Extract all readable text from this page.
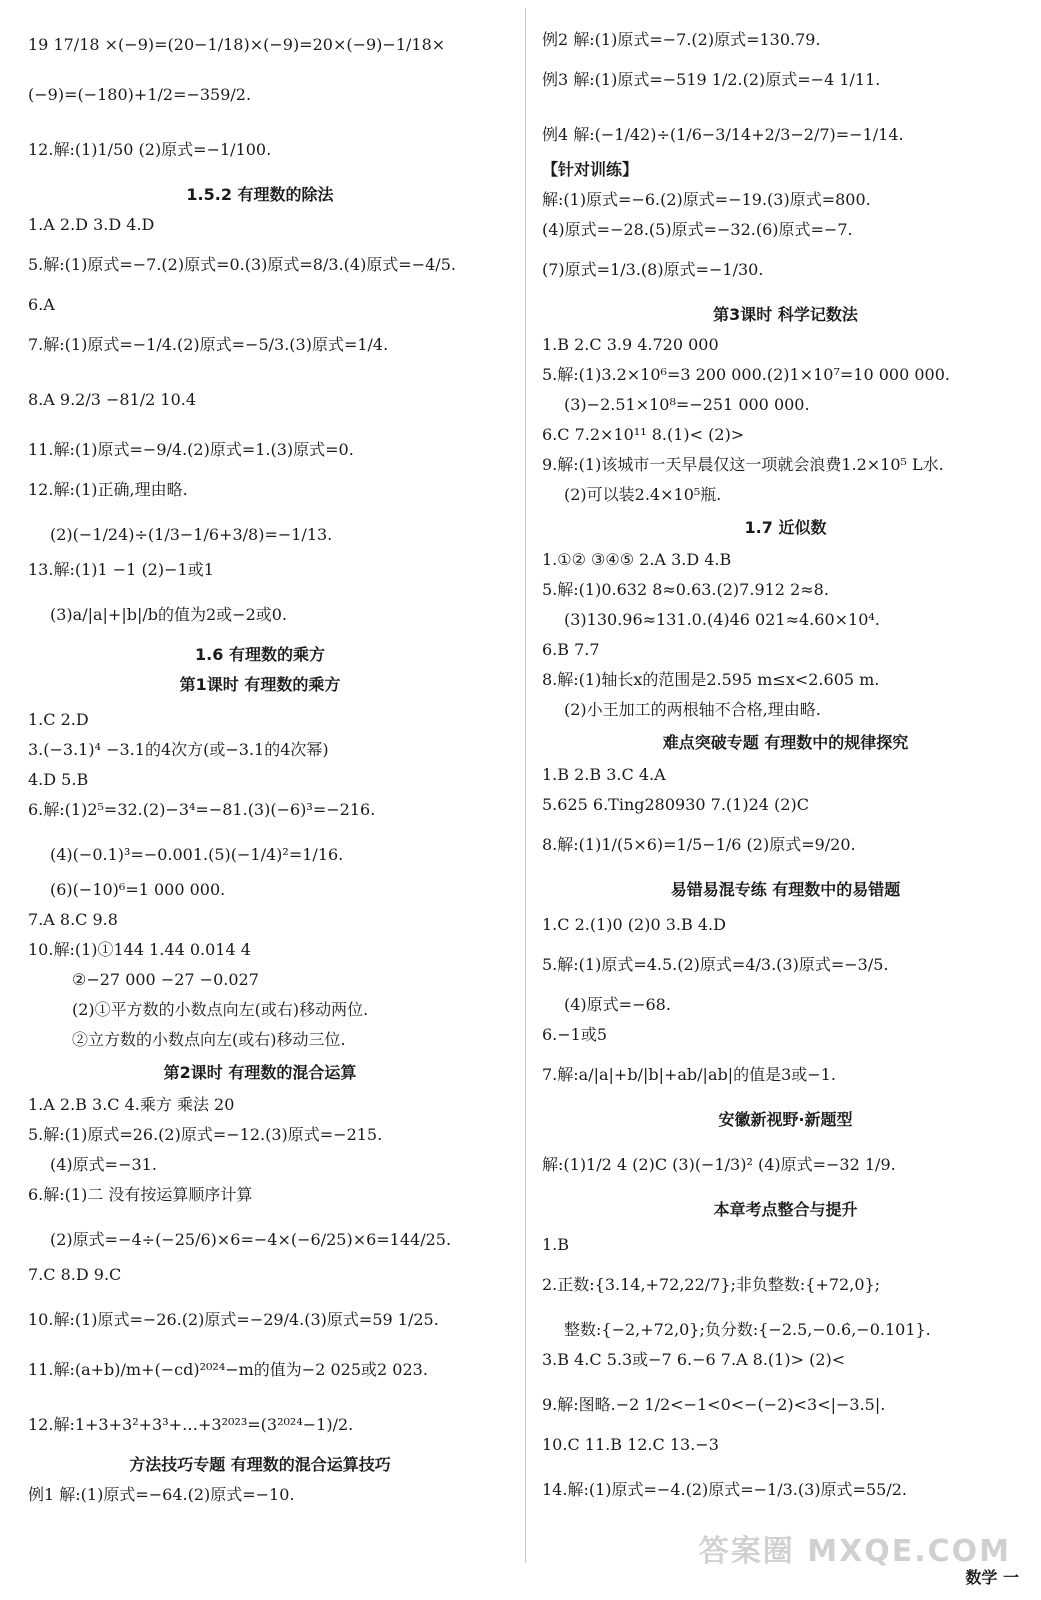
19 17/18 ×(−9)=(20−1/18)×(−9)=20×(−9)−1/18×
(−9)=(−180)+1/2=−359/2.
12.解:(1)1/50 (2)原式=−1/100.
1.5.2 有理数的除法
1.A 2.D 3.D 4.D
5.解:(1)原式=−7.(2)原式=0.(3)原式=8/3.(4)原式=−4/5.
6.A
7.解:(1)原式=−1/4.(2)原式=−5/3.(3)原式=1/4.
8.A 9.2/3 −81/2 10.4
11.解:(1)原式=−9/4.(2)原式=1.(3)原式=0.
12.解:(1)正确,理由略.
(2)(−1/24)÷(1/3−1/6+3/8)=−1/13.
13.解:(1)1 −1 (2)−1或1
(3)a/|a|+|b|/b的值为2或−2或0.
1.6 有理数的乘方
第1课时 有理数的乘方
1.C 2.D
3.(−3.1)⁴ −3.1的4次方(或−3.1的4次幂)
4.D 5.B
6.解:(1)2⁵=32.(2)−3⁴=−81.(3)(−6)³=−216.
(4)(−0.1)³=−0.001.(5)(−1/4)²=1/16.
(6)(−10)⁶=1 000 000.
7.A 8.C 9.8
10.解:(1)①144 1.44 0.014 4
②−27 000 −27 −0.027
(2)①平方数的小数点向左(或右)移动两位.
②立方数的小数点向左(或右)移动三位.
第2课时 有理数的混合运算
1.A 2.B 3.C 4.乘方 乘法 20
5.解:(1)原式=26.(2)原式=−12.(3)原式=−215.
(4)原式=−31.
6.解:(1)二 没有按运算顺序计算
(2)原式=−4÷(−25/6)×6=−4×(−6/25)×6=144/25.
7.C 8.D 9.C
10.解:(1)原式=−26.(2)原式=−29/4.(3)原式=59 1/25.
11.解:(a+b)/m+(−cd)²⁰²⁴−m的值为−2 025或2 023.
12.解:1+3+3²+3³+…+3²⁰²³=(3²⁰²⁴−1)/2.
方法技巧专题 有理数的混合运算技巧
例1 解:(1)原式=−64.(2)原式=−10.
例2 解:(1)原式=−7.(2)原式=130.79.
例3 解:(1)原式=−519 1/2.(2)原式=−4 1/11.
例4 解:(−1/42)÷(1/6−3/14+2/3−2/7)=−1/14.
【针对训练】
解:(1)原式=−6.(2)原式=−19.(3)原式=800.
(4)原式=−28.(5)原式=−32.(6)原式=−7.
(7)原式=1/3.(8)原式=−1/30.
第3课时 科学记数法
1.B 2.C 3.9 4.720 000
5.解:(1)3.2×10⁶=3 200 000.(2)1×10⁷=10 000 000.
(3)−2.51×10⁸=−251 000 000.
6.C 7.2×10¹¹ 8.(1)< (2)>
9.解:(1)该城市一天早晨仅这一项就会浪费1.2×10⁵ L水.
(2)可以装2.4×10⁵瓶.
1.7 近似数
1.①② ③④⑤ 2.A 3.D 4.B
5.解:(1)0.632 8≈0.63.(2)7.912 2≈8.
(3)130.96≈131.0.(4)46 021≈4.60×10⁴.
6.B 7.7
8.解:(1)轴长x的范围是2.595 m≤x<2.605 m.
(2)小王加工的两根轴不合格,理由略.
难点突破专题 有理数中的规律探究
1.B 2.B 3.C 4.A
5.625 6.Ting280930 7.(1)24 (2)C
8.解:(1)1/(5×6)=1/5−1/6 (2)原式=9/20.
易错易混专练 有理数中的易错题
1.C 2.(1)0 (2)0 3.B 4.D
5.解:(1)原式=4.5.(2)原式=4/3.(3)原式=−3/5.
(4)原式=−68.
6.−1或5
7.解:a/|a|+b/|b|+ab/|ab|的值是3或−1.
安徽新视野·新题型
解:(1)1/2 4 (2)C (3)(−1/3)² (4)原式=−32 1/9.
本章考点整合与提升
1.B
2.正数:{3.14,+72,22/7};非负整数:{+72,0};
整数:{−2,+72,0};负分数:{−2.5,−0.6̇,−0.101}.
3.B 4.C 5.3或−7 6.−6 7.A 8.(1)> (2)<
9.解:图略.−2 1/2<−1<0<−(−2)<3<|−3.5|.
10.C 11.B 12.C 13.−3
14.解:(1)原式=−4.(2)原式=−1/3.(3)原式=55/2.
数学 一
答案圈 MXQE.COM
